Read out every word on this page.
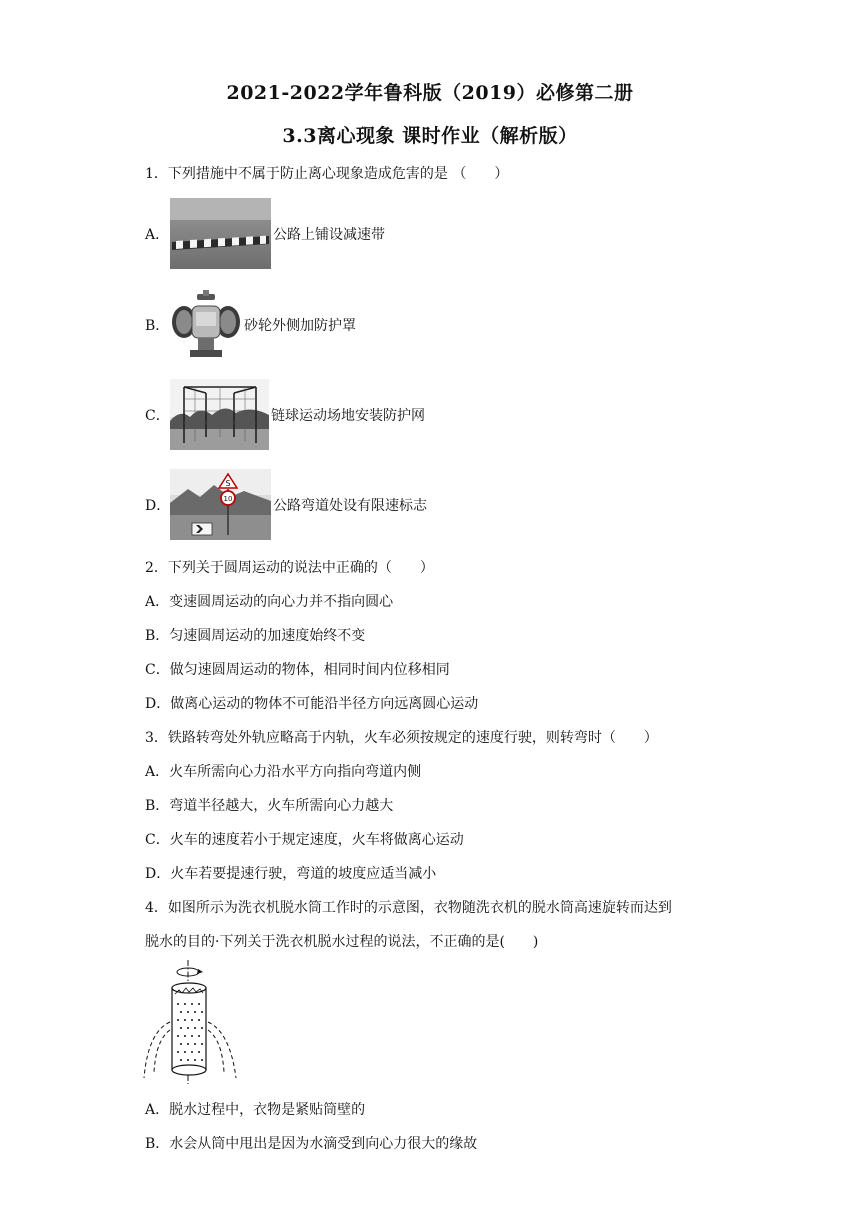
2021-2022学年鲁科版（2019）必修第二册
3.3离心现象 课时作业（解析版）
1．下列措施中不属于防止离心现象造成危害的是 （　　）
A．	公路上铺设减速带
B．	砂轮外侧加防护罩
C．	链球运动场地安装防护网
D．
S
10	公路弯道处设有限速标志
2．下列关于圆周运动的说法中正确的（　　）
A．变速圆周运动的向心力并不指向圆心
B．匀速圆周运动的加速度始终不变
C．做匀速圆周运动的物体，相同时间内位移相同
D．做离心运动的物体不可能沿半径方向远离圆心运动
3．铁路转弯处外轨应略高于内轨，火车必须按规定的速度行驶，则转弯时（　　）
A．火车所需向心力沿水平方向指向弯道内侧
B．弯道半径越大，火车所需向心力越大
C．火车的速度若小于规定速度，火车将做离心运动
D．火车若要提速行驶，弯道的坡度应适当减小
4．如图所示为洗衣机脱水筒工作时的示意图，衣物随洗衣机的脱水筒高速旋转而达到
脱水的目的·下列关于洗衣机脱水过程的说法，不正确的是(　　)
A．脱水过程中，衣物是紧贴筒壁的
B．水会从筒中甩出是因为水滴受到向心力很大的缘故
